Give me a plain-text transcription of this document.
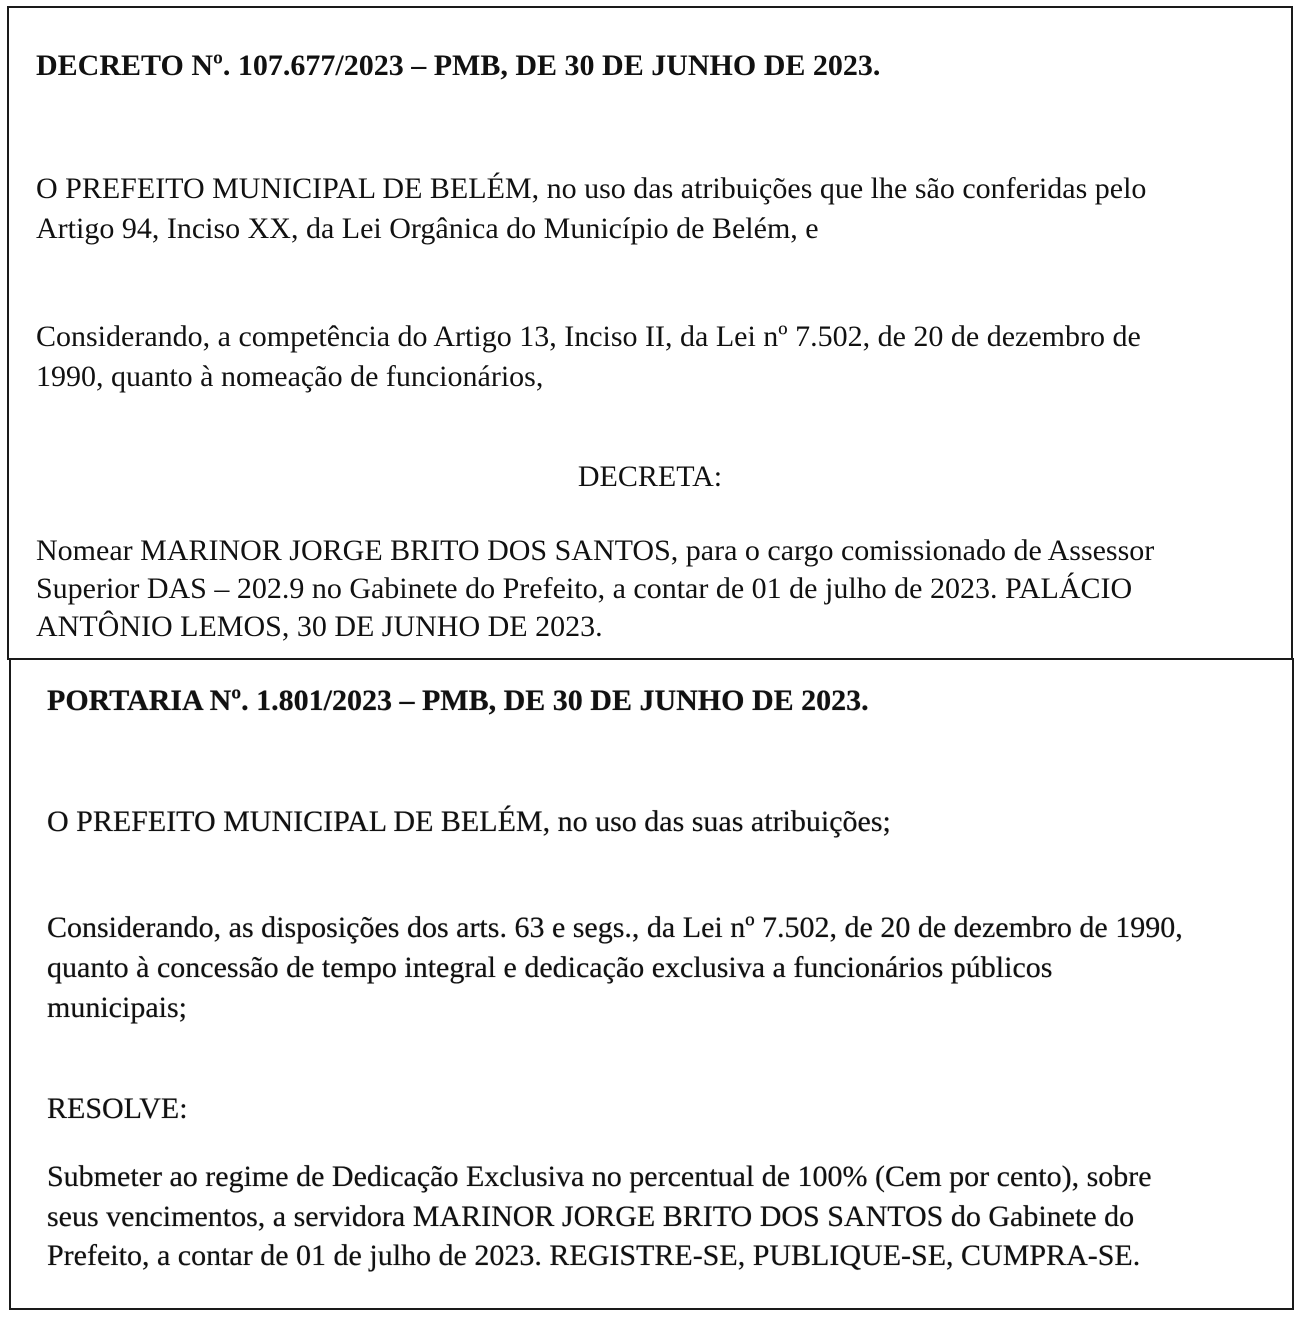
DECRETO Nº. 107.677/2023 – PMB, DE 30 DE JUNHO DE 2023.
O PREFEITO MUNICIPAL DE BELÉM, no uso das atribuições que lhe são conferidas pelo
Artigo 94, Inciso XX, da Lei Orgânica do Município de Belém, e
Considerando, a competência do Artigo 13, Inciso II, da Lei nº 7.502, de 20 de dezembro de
1990, quanto à nomeação de funcionários,
DECRETA:
Nomear MARINOR JORGE BRITO DOS SANTOS, para o cargo comissionado de Assessor
Superior DAS – 202.9 no Gabinete do Prefeito, a contar de 01 de julho de 2023. PALÁCIO
ANTÔNIO LEMOS, 30 DE JUNHO DE 2023.
PORTARIA Nº. 1.801/2023 – PMB, DE 30 DE JUNHO DE 2023.
O PREFEITO MUNICIPAL DE BELÉM, no uso das suas atribuições;
Considerando, as disposições dos arts. 63 e segs., da Lei nº 7.502, de 20 de dezembro de 1990,
quanto à concessão de tempo integral e dedicação exclusiva a funcionários públicos
municipais;
RESOLVE:
Submeter ao regime de Dedicação Exclusiva no percentual de 100% (Cem por cento), sobre
seus vencimentos, a servidora MARINOR JORGE BRITO DOS SANTOS do Gabinete do
Prefeito, a contar de 01 de julho de 2023. REGISTRE-SE, PUBLIQUE-SE, CUMPRA-SE.
